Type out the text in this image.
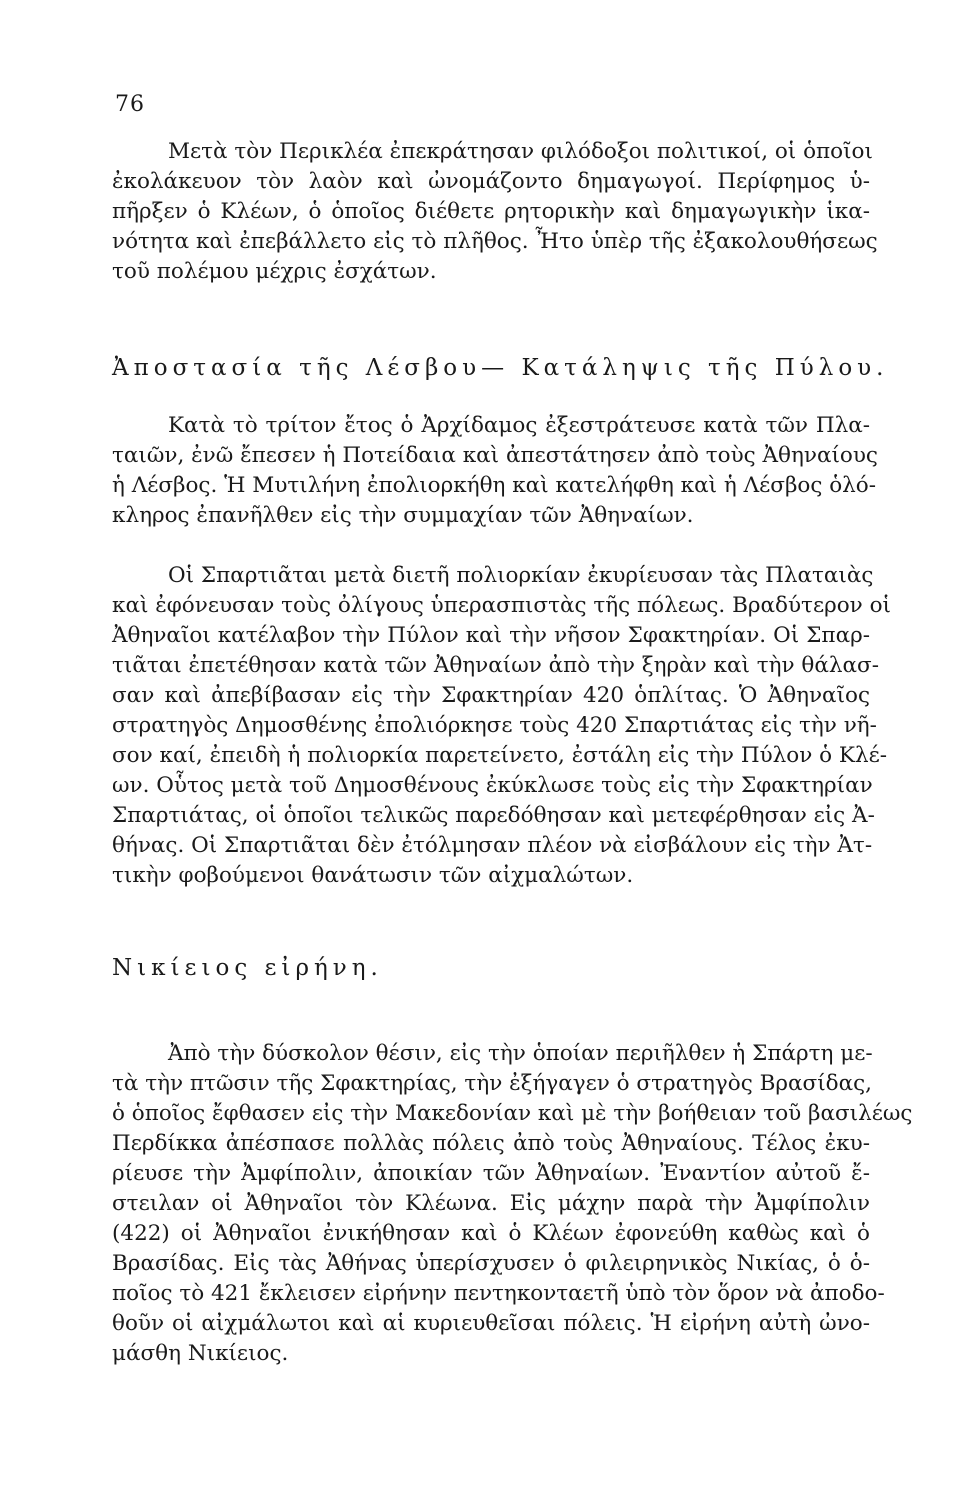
76
Μετὰ τὸν Περικλέα ἐπεκράτησαν φιλόδοξοι πολιτικοί, οἱ ὁποῖοι
ἐκολάκευον τὸν λαὸν καὶ ὠνομάζοντο δημαγωγοί. Περίφημος ὑ-
πῆρξεν ὁ Κλέων, ὁ ὁποῖος διέθετε ρητορικὴν καὶ δημαγωγικὴν ἱκα-
νότητα καὶ ἐπεβάλλετο εἰς τὸ πλῆθος. Ἦτο ὑπὲρ τῆς ἐξακολουθήσεως
τοῦ πολέμου μέχρις ἐσχάτων.
Ἀποστασία τῆς Λέσβου— Κατάληψις τῆς Πύλου.
Κατὰ τὸ τρίτον ἔτος ὁ Ἀρχίδαμος ἐξεστράτευσε κατὰ τῶν Πλα-
ταιῶν, ἐνῶ ἔπεσεν ἡ Ποτείδαια καὶ ἀπεστάτησεν ἀπὸ τοὺς Ἀθηναίους
ἡ Λέσβος. Ἡ Μυτιλήνη ἐπολιορκήθη καὶ κατελήφθη καὶ ἡ Λέσβος ὁλό-
κληρος ἐπανῆλθεν εἰς τὴν συμμαχίαν τῶν Ἀθηναίων.
Οἱ Σπαρτιᾶται μετὰ διετῆ πολιορκίαν ἐκυρίευσαν τὰς Πλαταιὰς
καὶ ἐφόνευσαν τοὺς ὀλίγους ὑπερασπιστὰς τῆς πόλεως. Βραδύτερον οἱ
Ἀθηναῖοι κατέλαβον τὴν Πύλον καὶ τὴν νῆσον Σφακτηρίαν. Οἱ Σπαρ-
τιᾶται ἐπετέθησαν κατὰ τῶν Ἀθηναίων ἀπὸ τὴν ξηρὰν καὶ τὴν θάλασ-
σαν καὶ ἀπεβίβασαν εἰς τὴν Σφακτηρίαν 420 ὁπλίτας. Ὁ Ἀθηναῖος
στρατηγὸς Δημοσθένης ἐπολιόρκησε τοὺς 420 Σπαρτιάτας εἰς τὴν νῆ-
σον καί, ἐπειδὴ ἡ πολιορκία παρετείνετο, ἐστάλη εἰς τὴν Πύλον ὁ Κλέ-
ων. Οὗτος μετὰ τοῦ Δημοσθένους ἐκύκλωσε τοὺς εἰς τὴν Σφακτηρίαν
Σπαρτιάτας, οἱ ὁποῖοι τελικῶς παρεδόθησαν καὶ μετεφέρθησαν εἰς Ἀ-
θήνας. Οἱ Σπαρτιᾶται δὲν ἐτόλμησαν πλέον νὰ εἰσβάλουν εἰς τὴν Ἀτ-
τικὴν φοβούμενοι θανάτωσιν τῶν αἰχμαλώτων.
Νικίειος εἰρήνη.
Ἀπὸ τὴν δύσκολον θέσιν, εἰς τὴν ὁποίαν περιῆλθεν ἡ Σπάρτη με-
τὰ τὴν πτῶσιν τῆς Σφακτηρίας, τὴν ἐξήγαγεν ὁ στρατηγὸς Βρασίδας,
ὁ ὁποῖος ἔφθασεν εἰς τὴν Μακεδονίαν καὶ μὲ τὴν βοήθειαν τοῦ βασιλέως
Περδίκκα ἀπέσπασε πολλὰς πόλεις ἀπὸ τοὺς Ἀθηναίους. Τέλος ἐκυ-
ρίευσε τὴν Ἀμφίπολιν, ἀποικίαν τῶν Ἀθηναίων. Ἐναντίον αὐτοῦ ἔ-
στειλαν οἱ Ἀθηναῖοι τὸν Κλέωνα. Εἰς μάχην παρὰ τὴν Ἀμφίπολιν
(422) οἱ Ἀθηναῖοι ἐνικήθησαν καὶ ὁ Κλέων ἐφονεύθη καθὼς καὶ ὁ
Βρασίδας. Εἰς τὰς Ἀθήνας ὑπερίσχυσεν ὁ φιλειρηνικὸς Νικίας, ὁ ὁ-
ποῖος τὸ 421 ἔκλεισεν εἰρήνην πεντηκονταετῆ ὑπὸ τὸν ὅρον νὰ ἀποδο-
θοῦν οἱ αἰχμάλωτοι καὶ αἱ κυριευθεῖσαι πόλεις. Ἡ εἰρήνη αὐτὴ ὠνο-
μάσθη Νικίειος.
